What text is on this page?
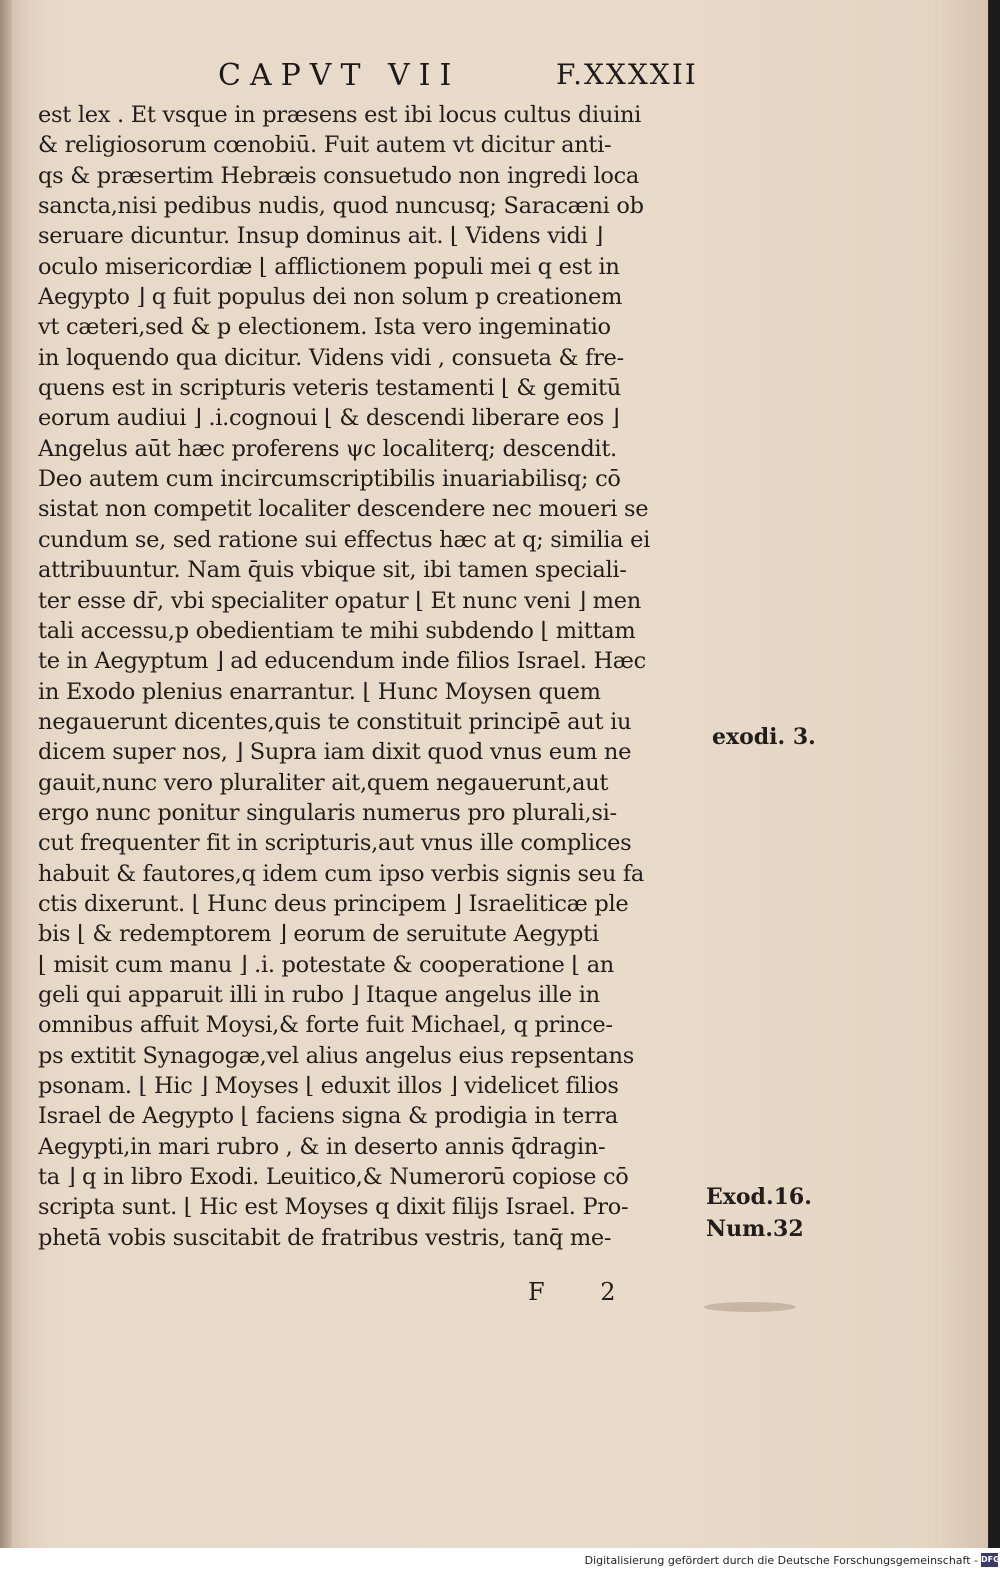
CAPVT VII	F.XXXXII
est lex . Et vsque in præsens est ibi locus cultus diuini
& religiosorum cœnobiū. Fuit autem vt dicitur anti-
qs & præsertim Hebræis consuetudo non ingredi loca
sancta,nisi pedibus nudis, quod nuncusq; Saracæni ob
seruare dicuntur. Insup dominus ait. ⌊ Videns vidi ⌋
oculo misericordiæ ⌊ afflictionem populi mei q est in
Aegypto ⌋ q fuit populus dei non solum p creationem
vt cæteri,sed & p electionem. Ista vero ingeminatio
in loquendo qua dicitur. Videns vidi , consueta & fre-
quens est in scripturis veteris testamenti ⌊ & gemitū
eorum audiui ⌋ .i.cognoui ⌊ & descendi liberare eos ⌋
Angelus aūt hæc proferens ψc localiterq; descendit.
Deo autem cum incircumscriptibilis inuariabilisq; cō
sistat non competit localiter descendere nec moueri se
cundum se, sed ratione sui effectus hæc at q; similia ei
attribuuntur. Nam q̄uis vbique sit, ibi tamen speciali-
ter esse dr̄, vbi specialiter opatur ⌊ Et nunc veni ⌋ men
tali accessu,p obedientiam te mihi subdendo ⌊ mittam
te in Aegyptum ⌋ ad educendum inde filios Israel. Hæc
in Exodo plenius enarrantur. ⌊ Hunc Moysen quem
negauerunt dicentes,quis te constituit principē aut iu
dicem super nos, ⌋ Supra iam dixit quod vnus eum ne
gauit,nunc vero pluraliter ait,quem negauerunt,aut
ergo nunc ponitur singularis numerus pro plurali,si-
cut frequenter fit in scripturis,aut vnus ille complices
habuit & fautores,q idem cum ipso verbis signis seu fa
ctis dixerunt. ⌊ Hunc deus principem ⌋ Israeliticæ ple
bis ⌊ & redemptorem ⌋ eorum de seruitute Aegypti
⌊ misit cum manu ⌋ .i. potestate & cooperatione ⌊ an
geli qui apparuit illi in rubo ⌋ Itaque angelus ille in
omnibus affuit Moysi,& forte fuit Michael, q prince-
ps extitit Synagogæ,vel alius angelus eius repsentans
psonam. ⌊ Hic ⌋ Moyses ⌊ eduxit illos ⌋ videlicet filios
Israel de Aegypto ⌊ faciens signa & prodigia in terra
Aegypti,in mari rubro , & in deserto annis q̄dragin-
ta ⌋ q in libro Exodi. Leuitico,& Numerorū copiose cō
scripta sunt. ⌊ Hic est Moyses q dixit filijs Israel. Pro-
phetā vobis suscitabit de fratribus vestris, tanq̄ me-
exodi. 3.
Exod.16.
Num.32
F 2
Digitalisierung gefördert durch die Deutsche Forschungsgemeinschaft - DFG
